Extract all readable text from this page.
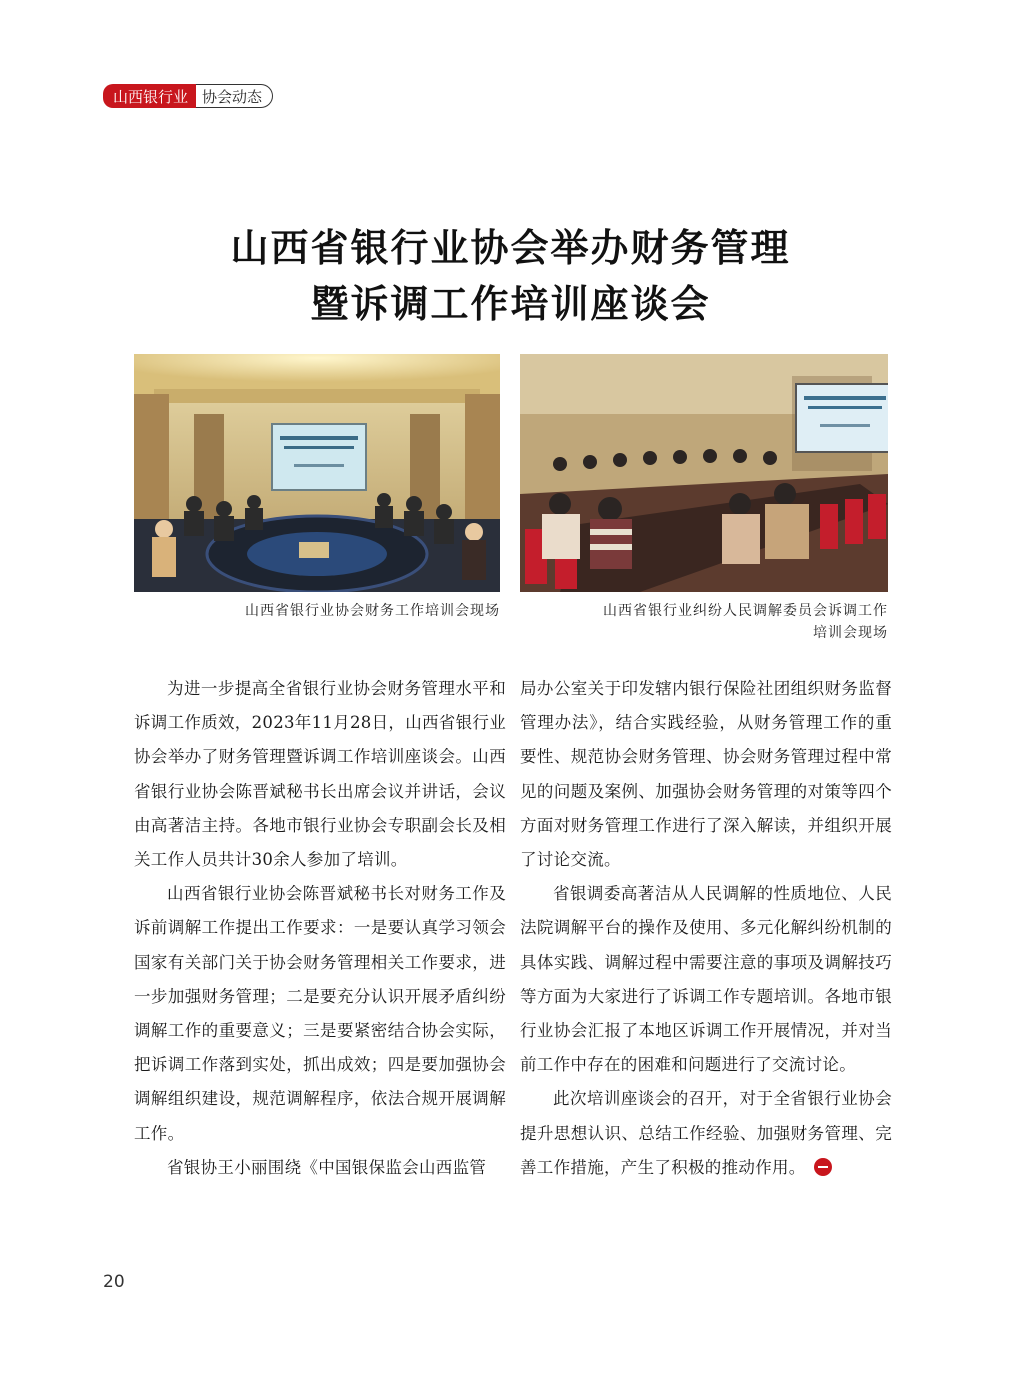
山西银行业 协会动态
山西省银行业协会举办财务管理
暨诉调工作培训座谈会
山西省银行业协会财务工作培训会现场	山西省银行业纠纷人民调解委员会诉调工作
培训会现场

为进一步提高全省银行业协会财务管理水平和诉调工作质效，2023年11月28日，山西省银行业协会举办了财务管理暨诉调工作培训座谈会。山西省银行业协会陈晋斌秘书长出席会议并讲话，会议由高著洁主持。各地市银行业协会专职副会长及相关工作人员共计30余人参加了培训。

山西省银行业协会陈晋斌秘书长对财务工作及诉前调解工作提出工作要求：一是要认真学习领会国家有关部门关于协会财务管理相关工作要求，进一步加强财务管理；二是要充分认识开展矛盾纠纷调解工作的重要意义；三是要紧密结合协会实际，把诉调工作落到实处，抓出成效；四是要加强协会调解组织建设，规范调解程序，依法合规开展调解工作。

省银协王小丽围绕《中国银保监会山西监管

局办公室关于印发辖内银行保险社团组织财务监督管理办法》，结合实践经验，从财务管理工作的重要性、规范协会财务管理、协会财务管理过程中常见的问题及案例、加强协会财务管理的对策等四个方面对财务管理工作进行了深入解读，并组织开展了讨论交流。

省银调委高著洁从人民调解的性质地位、人民法院调解平台的操作及使用、多元化解纠纷机制的具体实践、调解过程中需要注意的事项及调解技巧等方面为大家进行了诉调工作专题培训。各地市银行业协会汇报了本地区诉调工作开展情况，并对当前工作中存在的困难和问题进行了交流讨论。

此次培训座谈会的召开，对于全省银行业协会提升思想认识、总结工作经验、加强财务管理、完善工作措施，产生了积极的推动作用。

20
